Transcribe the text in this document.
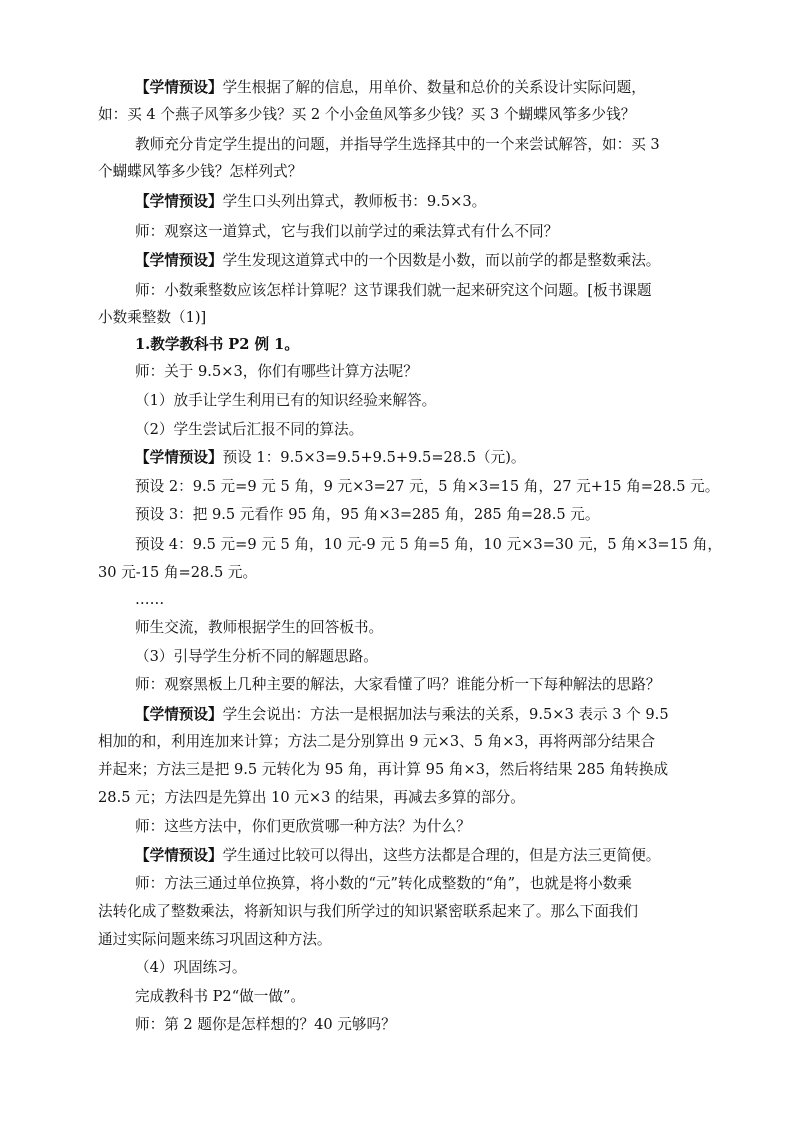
【学情预设】学生根据了解的信息，用单价、数量和总价的关系设计实际问题，
如：买 4 个燕子风筝多少钱？买 2 个小金鱼风筝多少钱？买 3 个蝴蝶风筝多少钱？
教师充分肯定学生提出的问题，并指导学生选择其中的一个来尝试解答，如：买 3
个蝴蝶风筝多少钱？怎样列式？
【学情预设】学生口头列出算式，教师板书：9.5×3。
师：观察这一道算式，它与我们以前学过的乘法算式有什么不同？
【学情预设】学生发现这道算式中的一个因数是小数，而以前学的都是整数乘法。
师：小数乘整数应该怎样计算呢？这节课我们就一起来研究这个问题。[板书课题
小数乘整数（1)]
1.教学教科书 P2 例 1。
师：关于 9.5×3，你们有哪些计算方法呢？
（1）放手让学生利用已有的知识经验来解答。
（2）学生尝试后汇报不同的算法。
【学情预设】预设 1：9.5×3=9.5+9.5+9.5=28.5（元)。
预设 2：9.5 元=9 元 5 角，9 元×3=27 元，5 角×3=15 角，27 元+15 角=28.5 元。
预设 3：把 9.5 元看作 95 角，95 角×3=285 角，285 角=28.5 元。
预设 4：9.5 元=9 元 5 角，10 元-9 元 5 角=5 角，10 元×3=30 元，5 角×3=15 角，
30 元-15 角=28.5 元。
……
师生交流，教师根据学生的回答板书。
（3）引导学生分析不同的解题思路。
师：观察黑板上几种主要的解法，大家看懂了吗？谁能分析一下每种解法的思路？
【学情预设】学生会说出：方法一是根据加法与乘法的关系，9.5×3 表示 3 个 9.5
相加的和，利用连加来计算；方法二是分别算出 9 元×3、5 角×3，再将两部分结果合
并起来；方法三是把 9.5 元转化为 95 角，再计算 95 角×3，然后将结果 285 角转换成
28.5 元；方法四是先算出 10 元×3 的结果，再减去多算的部分。
师：这些方法中，你们更欣赏哪一种方法？为什么？
【学情预设】学生通过比较可以得出，这些方法都是合理的，但是方法三更简便。
师：方法三通过单位换算，将小数的“元”转化成整数的“角”，也就是将小数乘
法转化成了整数乘法，将新知识与我们所学过的知识紧密联系起来了。那么下面我们
通过实际问题来练习巩固这种方法。
（4）巩固练习。
完成教科书 P2“做一做”。
师：第 2 题你是怎样想的？40 元够吗？
